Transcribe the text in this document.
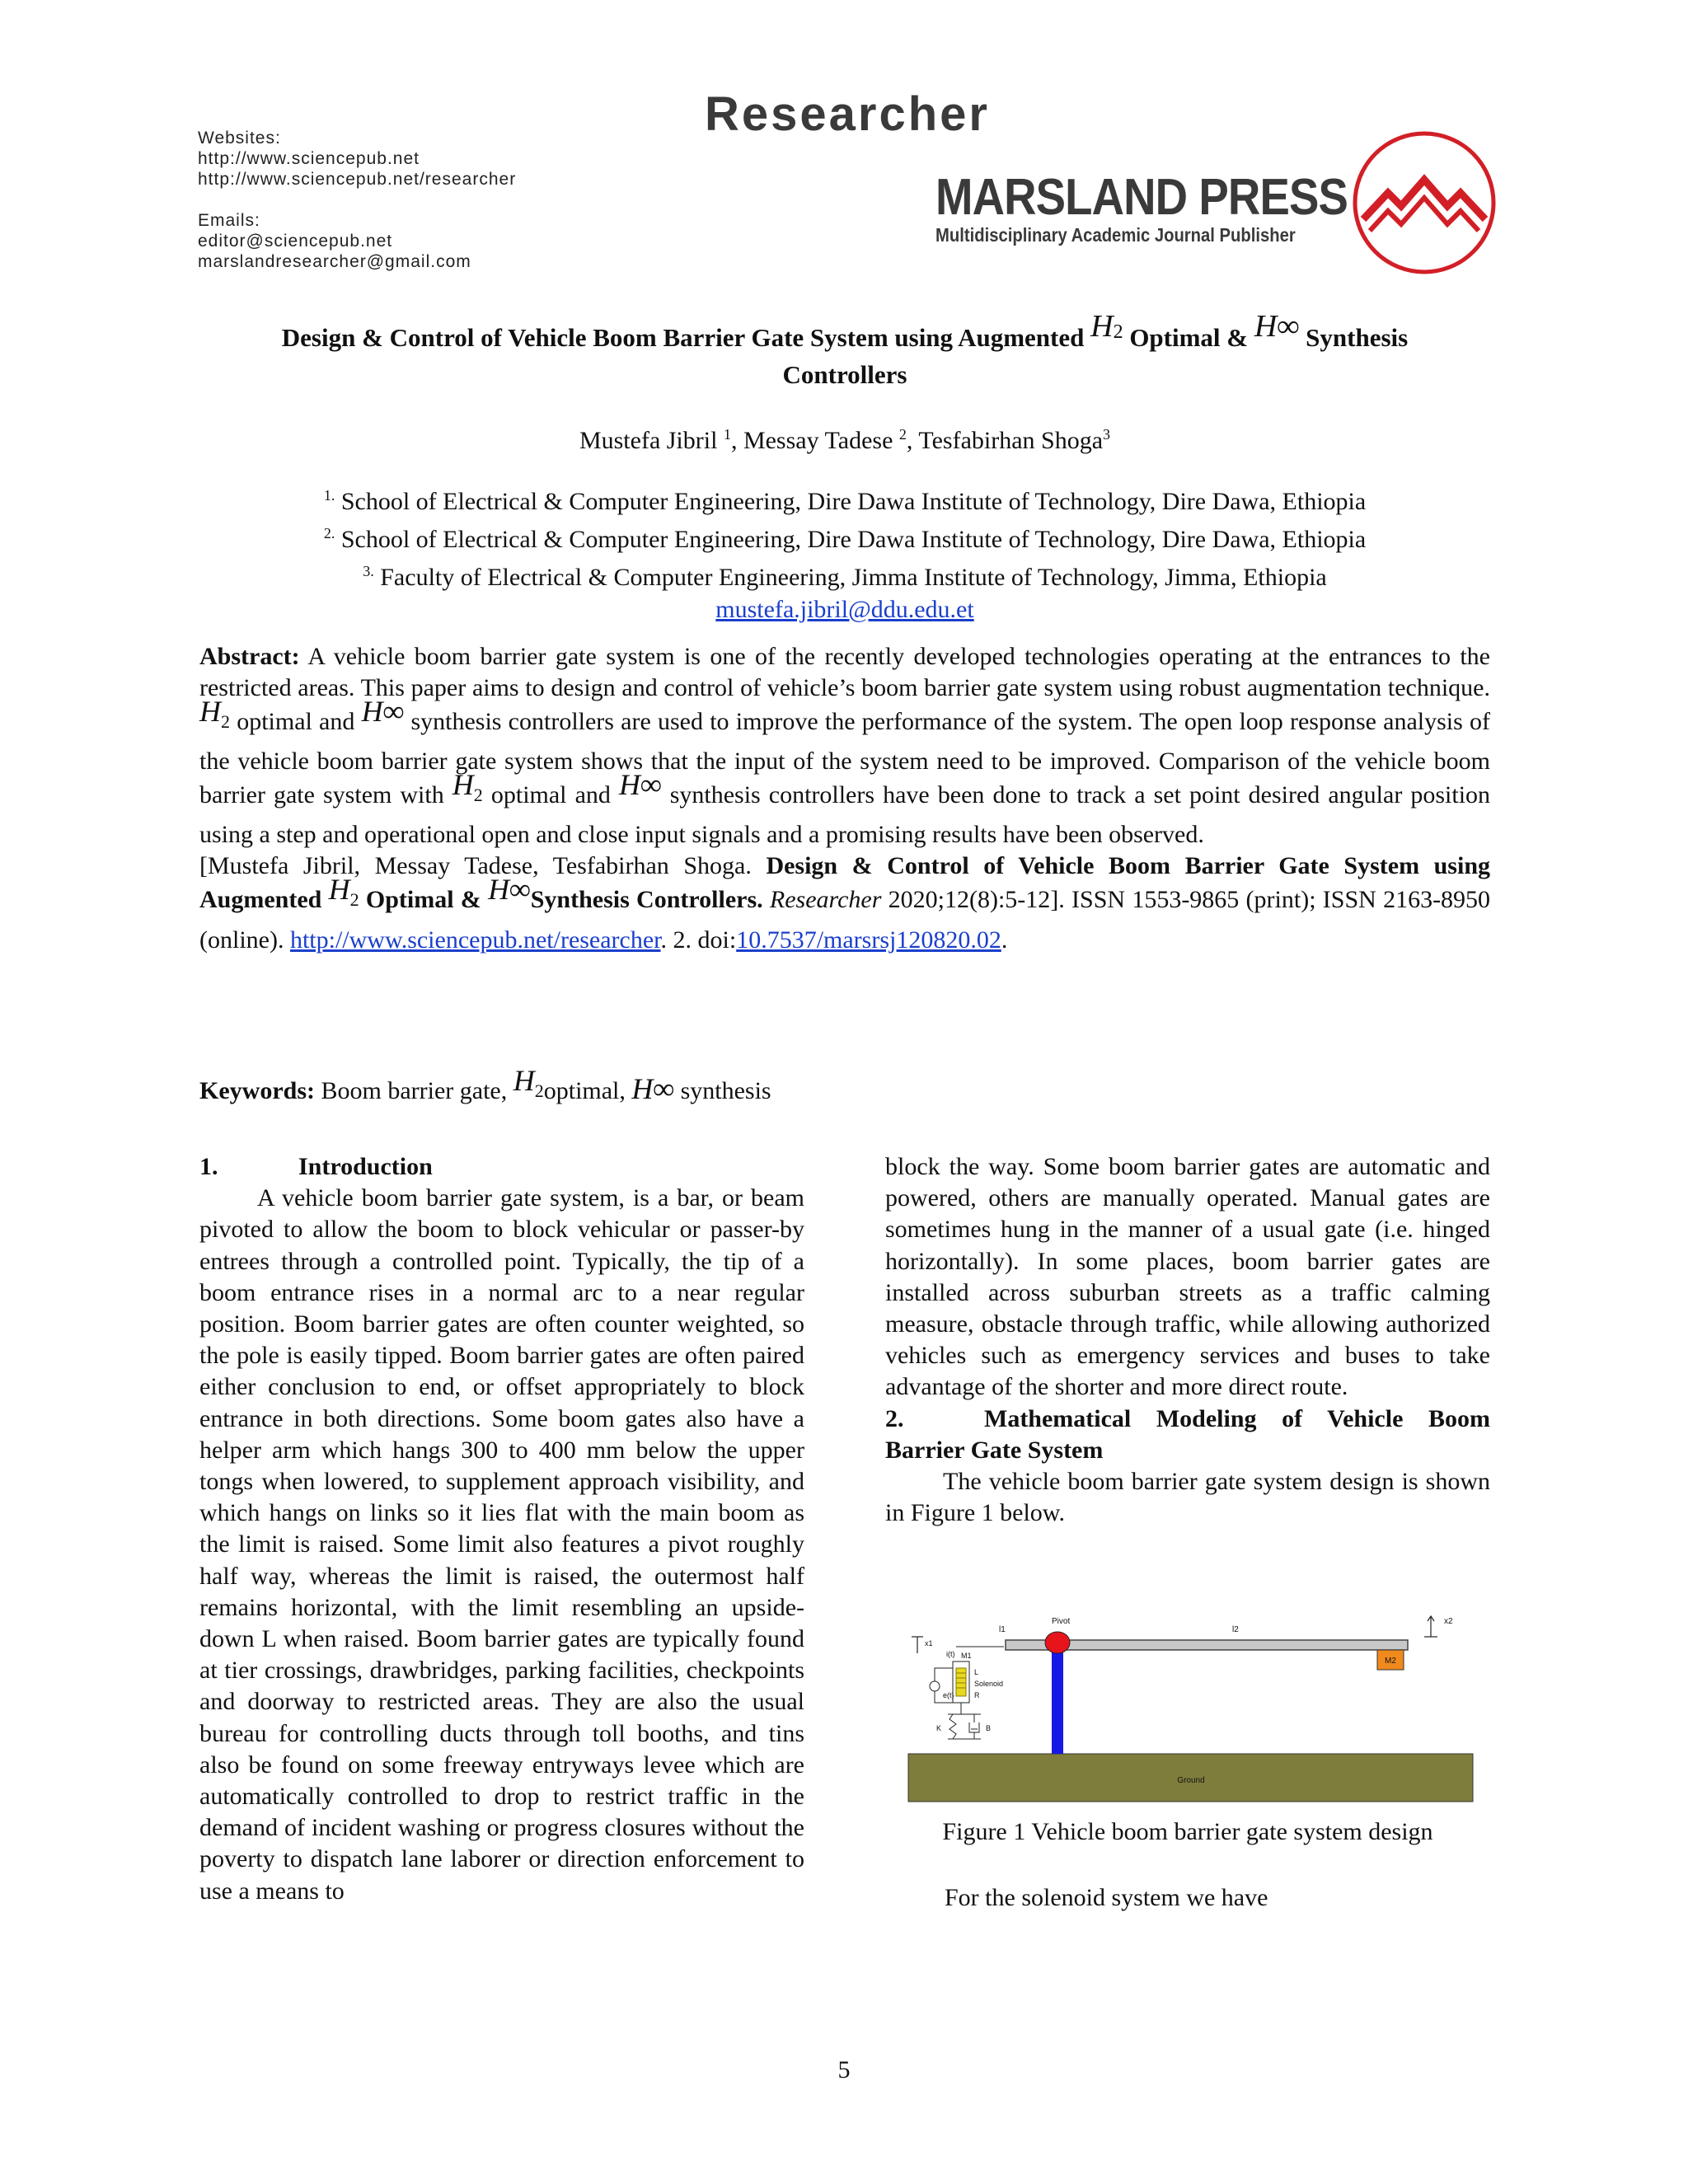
Researcher
Websites:
http://www.sciencepub.net
http://www.sciencepub.net/researcher
Emails:
editor@sciencepub.net
marslandresearcher@gmail.com
MARSLAND PRESS
Multidisciplinary Academic Journal Publisher
Design & Control of Vehicle Boom Barrier Gate System using Augmented $H_2$ Optimal & H∞ Synthesis
Controllers
Mustefa Jibril $^1$, Messay Tadese $^2$, Tesfabirhan Shoga$^3$
$^{1.}$ School of Electrical & Computer Engineering, Dire Dawa Institute of Technology, Dire Dawa, Ethiopia
$^{2.}$ School of Electrical & Computer Engineering, Dire Dawa Institute of Technology, Dire Dawa, Ethiopia
$^{3.}$ Faculty of Electrical & Computer Engineering, Jimma Institute of Technology, Jimma, Ethiopia
mustefa.jibril@ddu.edu.et

Abstract: A vehicle boom barrier gate system is one of the recently developed technologies operating at the entrances to the restricted areas. This paper aims to design and control of vehicle’s boom barrier gate system using robust augmentation technique. $H_2$ optimal and H∞ synthesis controllers are used to improve the performance of the system. The open loop response analysis of the vehicle boom barrier gate system shows that the input of the system need to be improved. Comparison of the vehicle boom barrier gate system with $H_2$ optimal and H∞ synthesis controllers have been done to track a set point desired angular position using a step and operational open and close input signals and a promising results have been observed.

[Mustefa Jibril, Messay Tadese, Tesfabirhan Shoga. Design & Control of Vehicle Boom Barrier Gate System using Augmented $H_2$ Optimal & H∞Synthesis Controllers. Researcher 2020;12(8):5-12]. ISSN 1553-9865 (print); ISSN 2163-8950 (online). http://www.sciencepub.net/researcher. 2. doi:10.7537/marsrsj120820.02.

Keywords: Boom barrier gate, $H_2optimal$, H∞ synthesis
1.	Introduction

A vehicle boom barrier gate system, is a bar, or beam pivoted to allow the boom to block vehicular or passer-by entrees through a controlled point. Typically, the tip of a boom entrance rises in a normal arc to a near regular position. Boom barrier gates are often counter weighted, so the pole is easily tipped. Boom barrier gates are often paired either conclusion to end, or offset appropriately to block entrance in both directions. Some boom gates also have a helper arm which hangs 300 to 400 mm below the upper tongs when lowered, to supplement approach visibility, and which hangs on links so it lies flat with the main boom as the limit is raised. Some limit also features a pivot roughly half way, whereas the limit is raised, the outermost half remains horizontal, with the limit resembling an upside-down L when raised. Boom barrier gates are typically found at tier crossings, drawbridges, parking facilities, checkpoints and doorway to restricted areas. They are also the usual bureau for controlling ducts through toll booths, and tins also be found on some freeway entryways levee which are automatically controlled to drop to restrict traffic in the demand of incident washing or progress closures without the poverty to dispatch lane laborer or direction enforcement to use a means to

block the way. Some boom barrier gates are automatic and powered, others are manually operated. Manual gates are sometimes hung in the manner of a usual gate (i.e. hinged horizontally). In some places, boom barrier gates are installed across suburban streets as a traffic calming measure, obstacle through traffic, while allowing authorized vehicles such as emergency services and buses to take advantage of the shorter and more direct route.

2.	Mathematical Modeling of Vehicle Boom Barrier Gate System

The vehicle boom barrier gate system design is shown in Figure 1 below.

Ground
Pivot
l1	l2
M2
x2
x1
i(t)
e(t)
M1
L
Solenoid
R
K	B
Figure 1 Vehicle boom barrier gate system design
For the solenoid system we have
5
